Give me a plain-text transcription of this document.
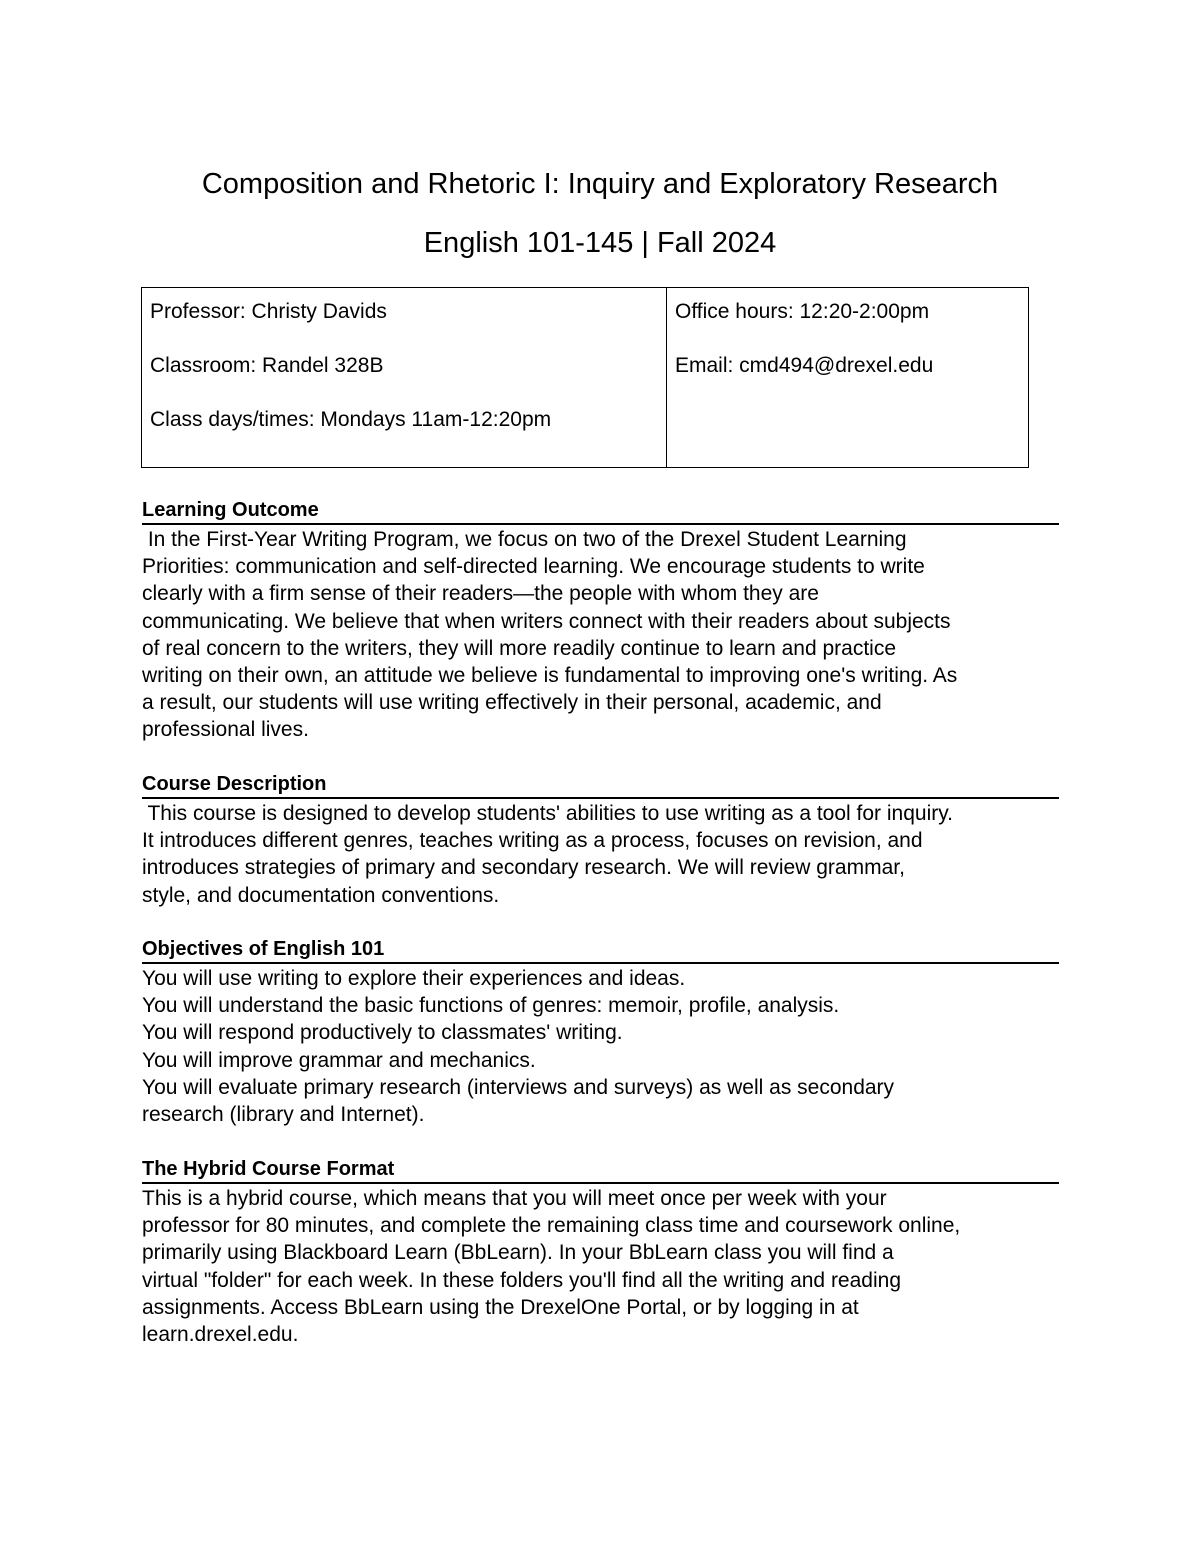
Composition and Rhetoric I: Inquiry and Exploratory Research
English 101-145 | Fall 2024
Professor: Christy Davids
Classroom: Randel 328B
Class days/times: Mondays 11am-12:20pm

Office hours: 12:20-2:00pm
Email: cmd494@drexel.edu
Learning Outcome

In the First-Year Writing Program, we focus on two of the Drexel Student Learning
Priorities: communication and self-directed learning. We encourage students to write
clearly with a firm sense of their readers—the people with whom they are
communicating. We believe that when writers connect with their readers about subjects
of real concern to the writers, they will more readily continue to learn and practice
writing on their own, an attitude we believe is fundamental to improving one's writing. As
a result, our students will use writing effectively in their personal, academic, and
professional lives.

Course Description

This course is designed to develop students' abilities to use writing as a tool for inquiry.
It introduces different genres, teaches writing as a process, focuses on revision, and
introduces strategies of primary and secondary research. We will review grammar,
style, and documentation conventions.

Objectives of English 101

You will use writing to explore their experiences and ideas.
You will understand the basic functions of genres: memoir, profile, analysis.
You will respond productively to classmates' writing.
You will improve grammar and mechanics.
You will evaluate primary research (interviews and surveys) as well as secondary
research (library and Internet).

The Hybrid Course Format

This is a hybrid course, which means that you will meet once per week with your
professor for 80 minutes, and complete the remaining class time and coursework online,
primarily using Blackboard Learn (BbLearn). In your BbLearn class you will find a
virtual "folder" for each week. In these folders you'll find all the writing and reading
assignments. Access BbLearn using the DrexelOne Portal, or by logging in at
learn.drexel.edu.
